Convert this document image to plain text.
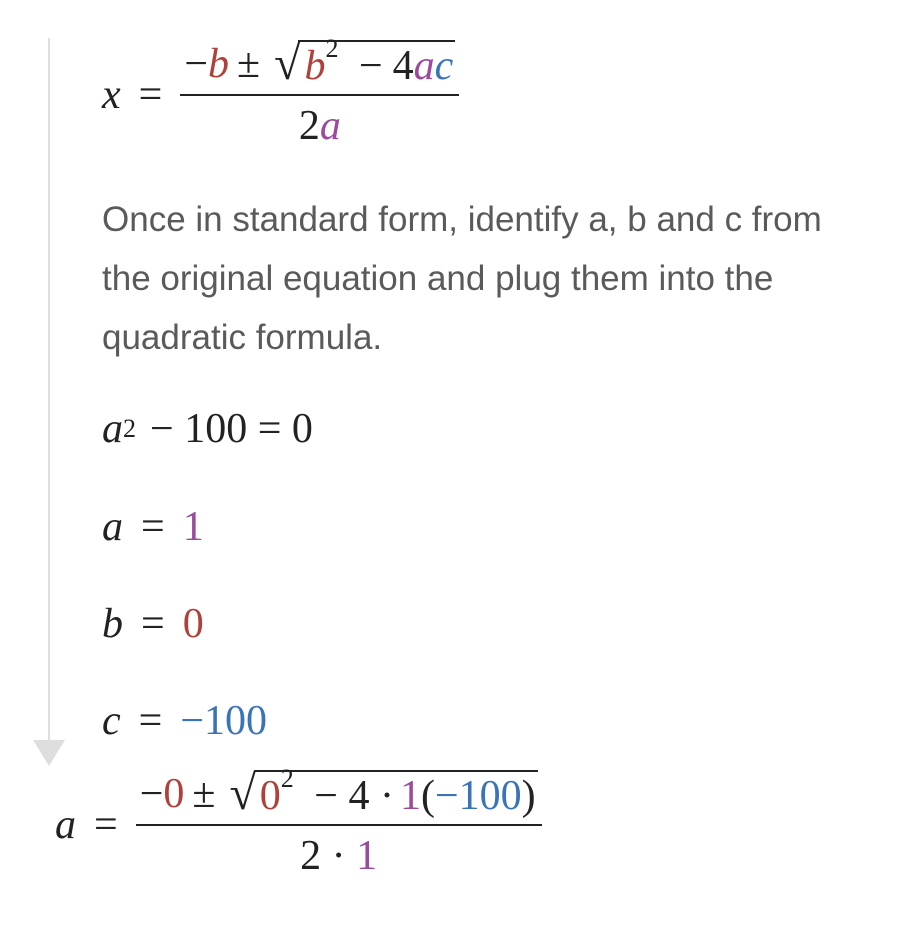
x =
− b ± √ $b^2 - 4ac$
2a

Once in standard form, identify a, b and c from the original equation and plug them into the quadratic formula.

a 2 − 100 = 0
a = 1
b = 0
c = −100
a =
− 0 ± √ $0^2 - 4 \cdot 1(-100)$
2 · 1
